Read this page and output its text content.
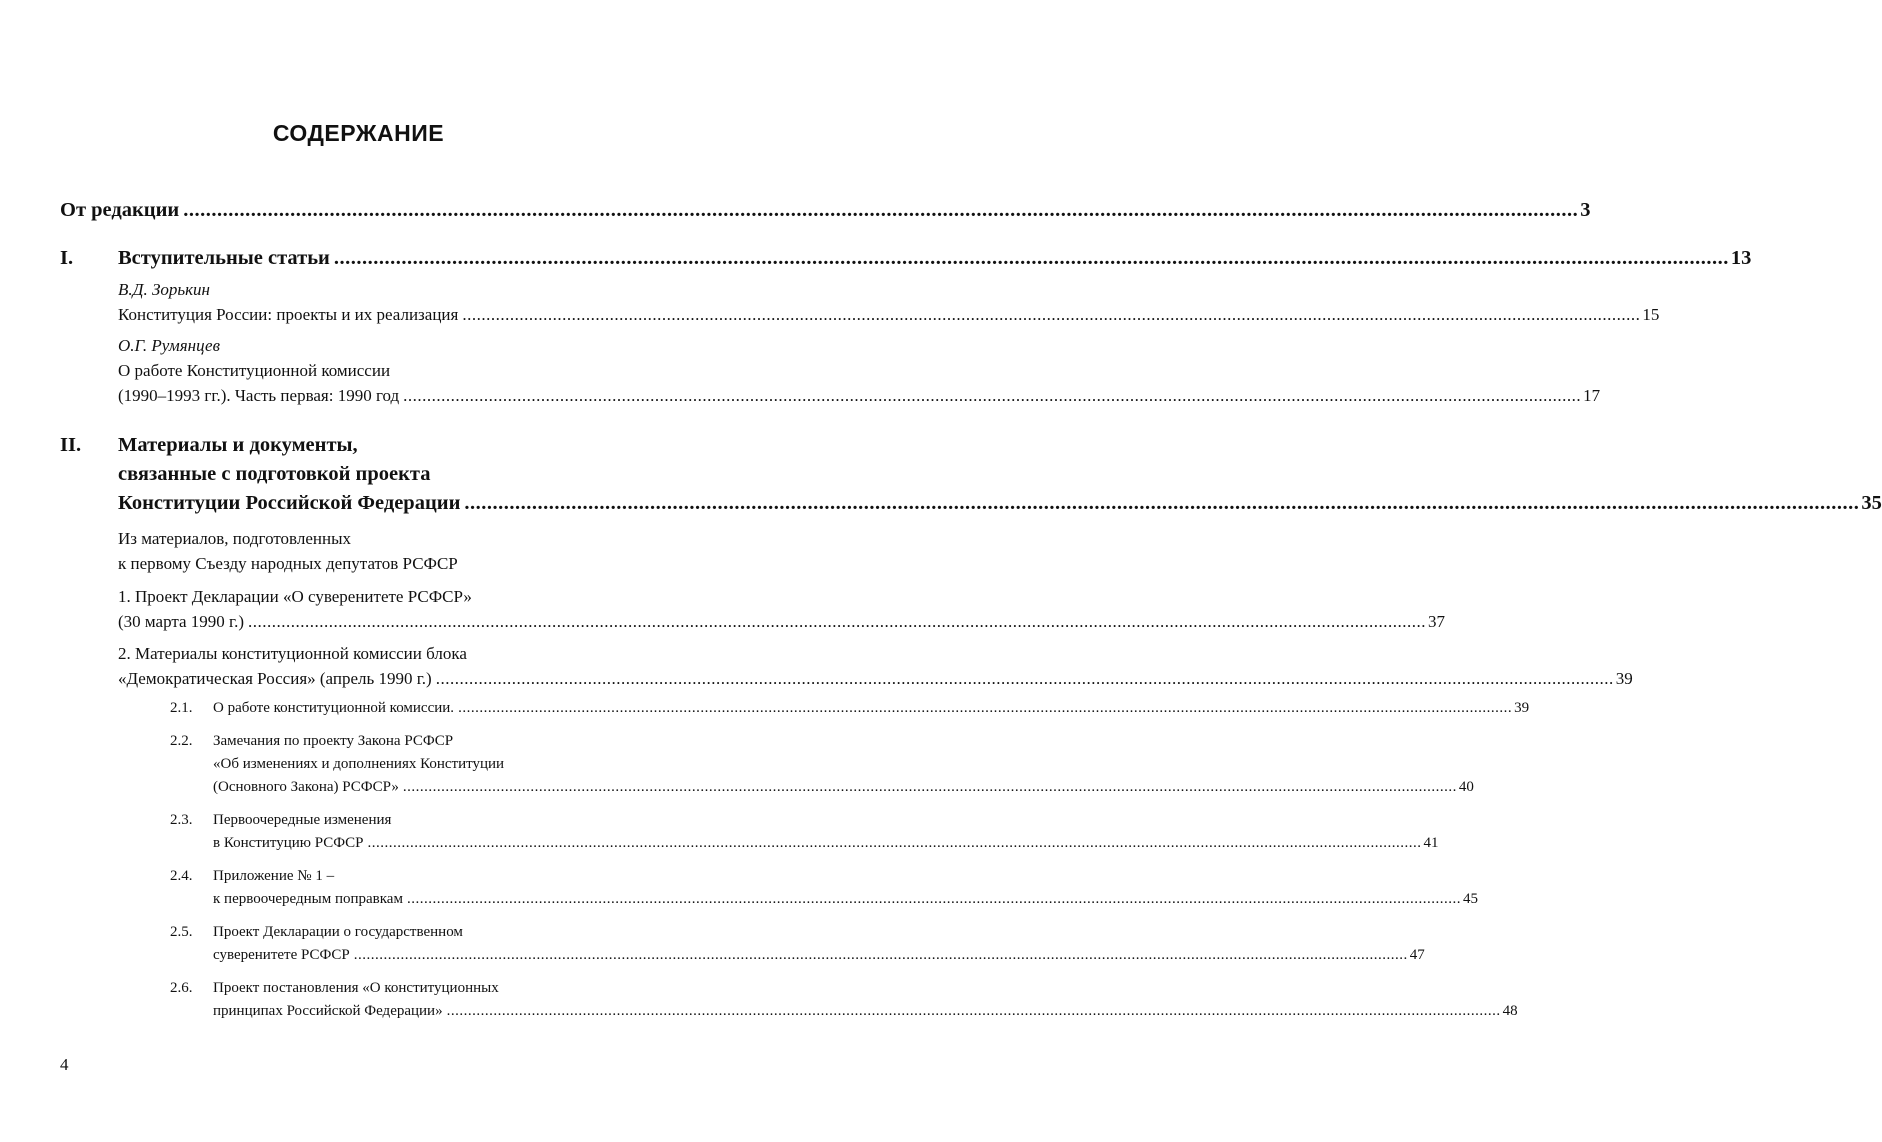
СОДЕРЖАНИЕ
От редакции .....	3
I.	Вступительные статьи .....	13
В.Д. Зорькин
Конституция России: проекты и их реализация .....	15
О.Г. Румянцев
О работе Конституционной комиссии
(1990–1993 гг.). Часть первая: 1990 год .....	17
II.	Материалы и документы,
связанные с подготовкой проекта
Конституции Российской Федерации .....	35
Из материалов, подготовленных
к первому Съезду народных депутатов РСФСР
1. Проект Декларации «О суверенитете РСФСР»
(30 марта 1990 г.) .....	37
2. Материалы конституционной комиссии блока
«Демократическая Россия» (апрель 1990 г.) .....	39
2.1.	О работе конституционной комиссии. .....	39
2.2.	Замечания по проекту Закона РСФСР
«Об изменениях и дополнениях Конституции
(Основного Закона) РСФСР» .....	40
2.3.	Первоочередные изменения
в Конституцию РСФСР .....	41
2.4.	Приложение № 1 –
к первоочередным поправкам .....	45
2.5.	Проект Декларации о государственном
суверенитете РСФСР .....	47
2.6.	Проект постановления «О конституционных
принципах Российской Федерации» .....	48
4
